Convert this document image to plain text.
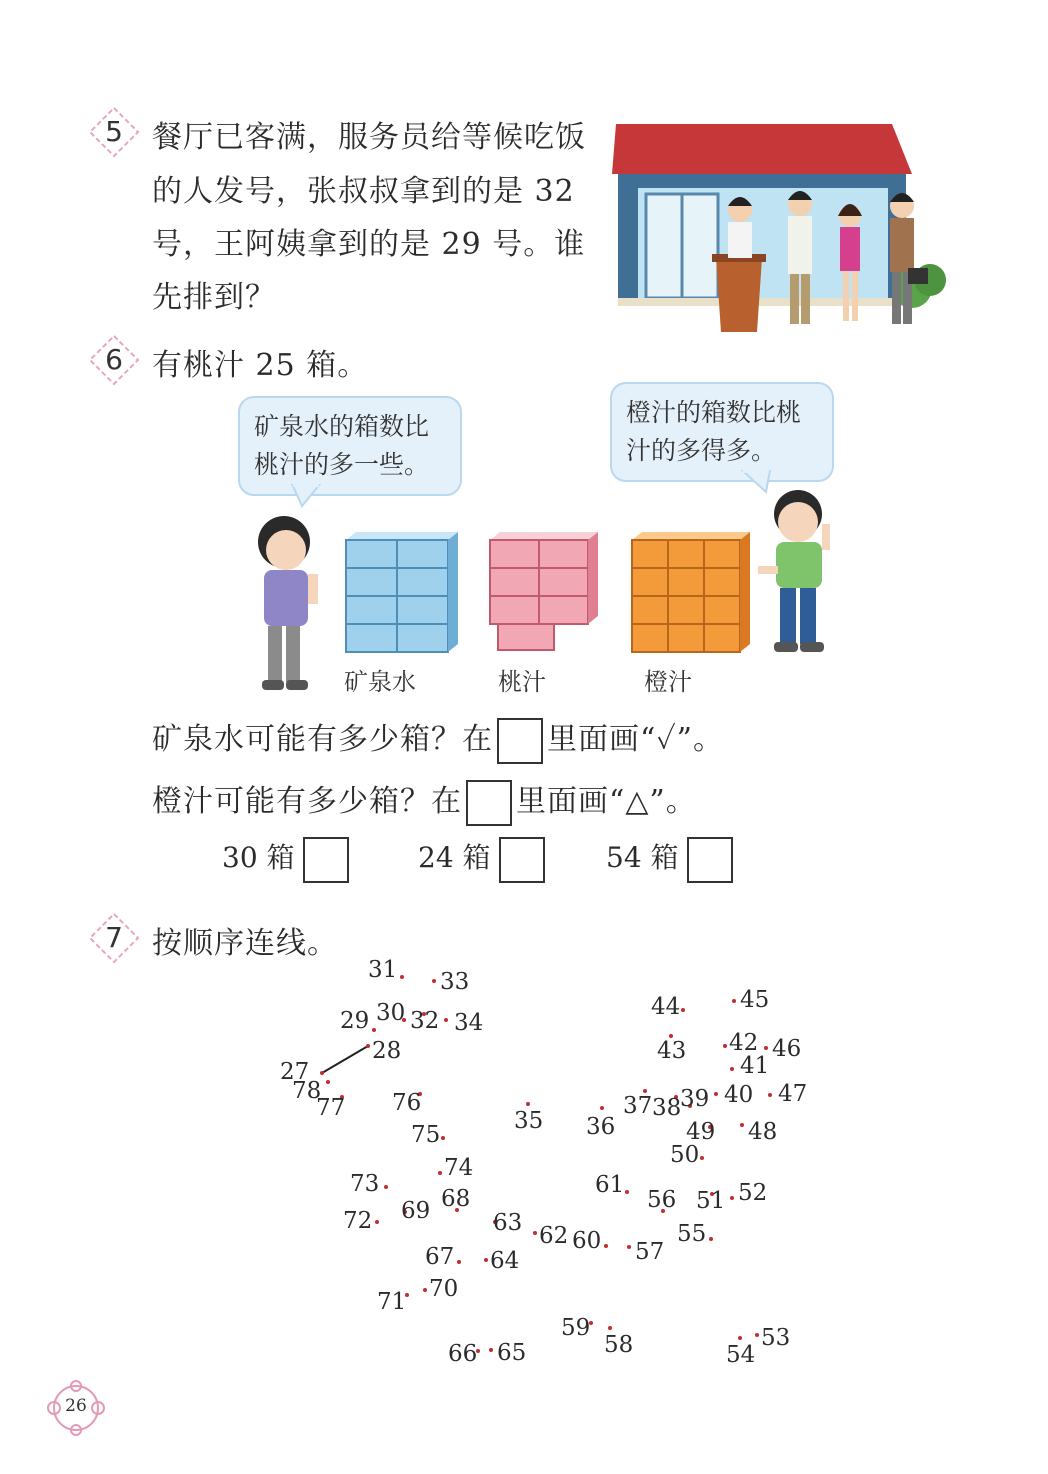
5 餐厅已客满，服务员给等候吃饭
的人发号，张叔叔拿到的是 32
号，王阿姨拿到的是 29 号。谁
先排到？
6 有桃汁 25 箱。
矿泉水的箱数比
桃汁的多一些。
橙汁的箱数比桃
汁的多得多。
矿泉水	桃汁	橙汁
矿泉水可能有多少箱？在 里面画“✓”。
橙汁可能有多少箱？在 里面画“△”。
30 箱	24 箱	54 箱
7 按顺序连线。
27
28
29 30
31
32
33
34
35 36
37 38
39 40
41
42
43
44	45
46
47
48
49
50
51 52
53
54
55
56
57
58
59
60
61
62
63
64
65
66
67
68
69
70
71
72
73
74
75
76
77
78
26
